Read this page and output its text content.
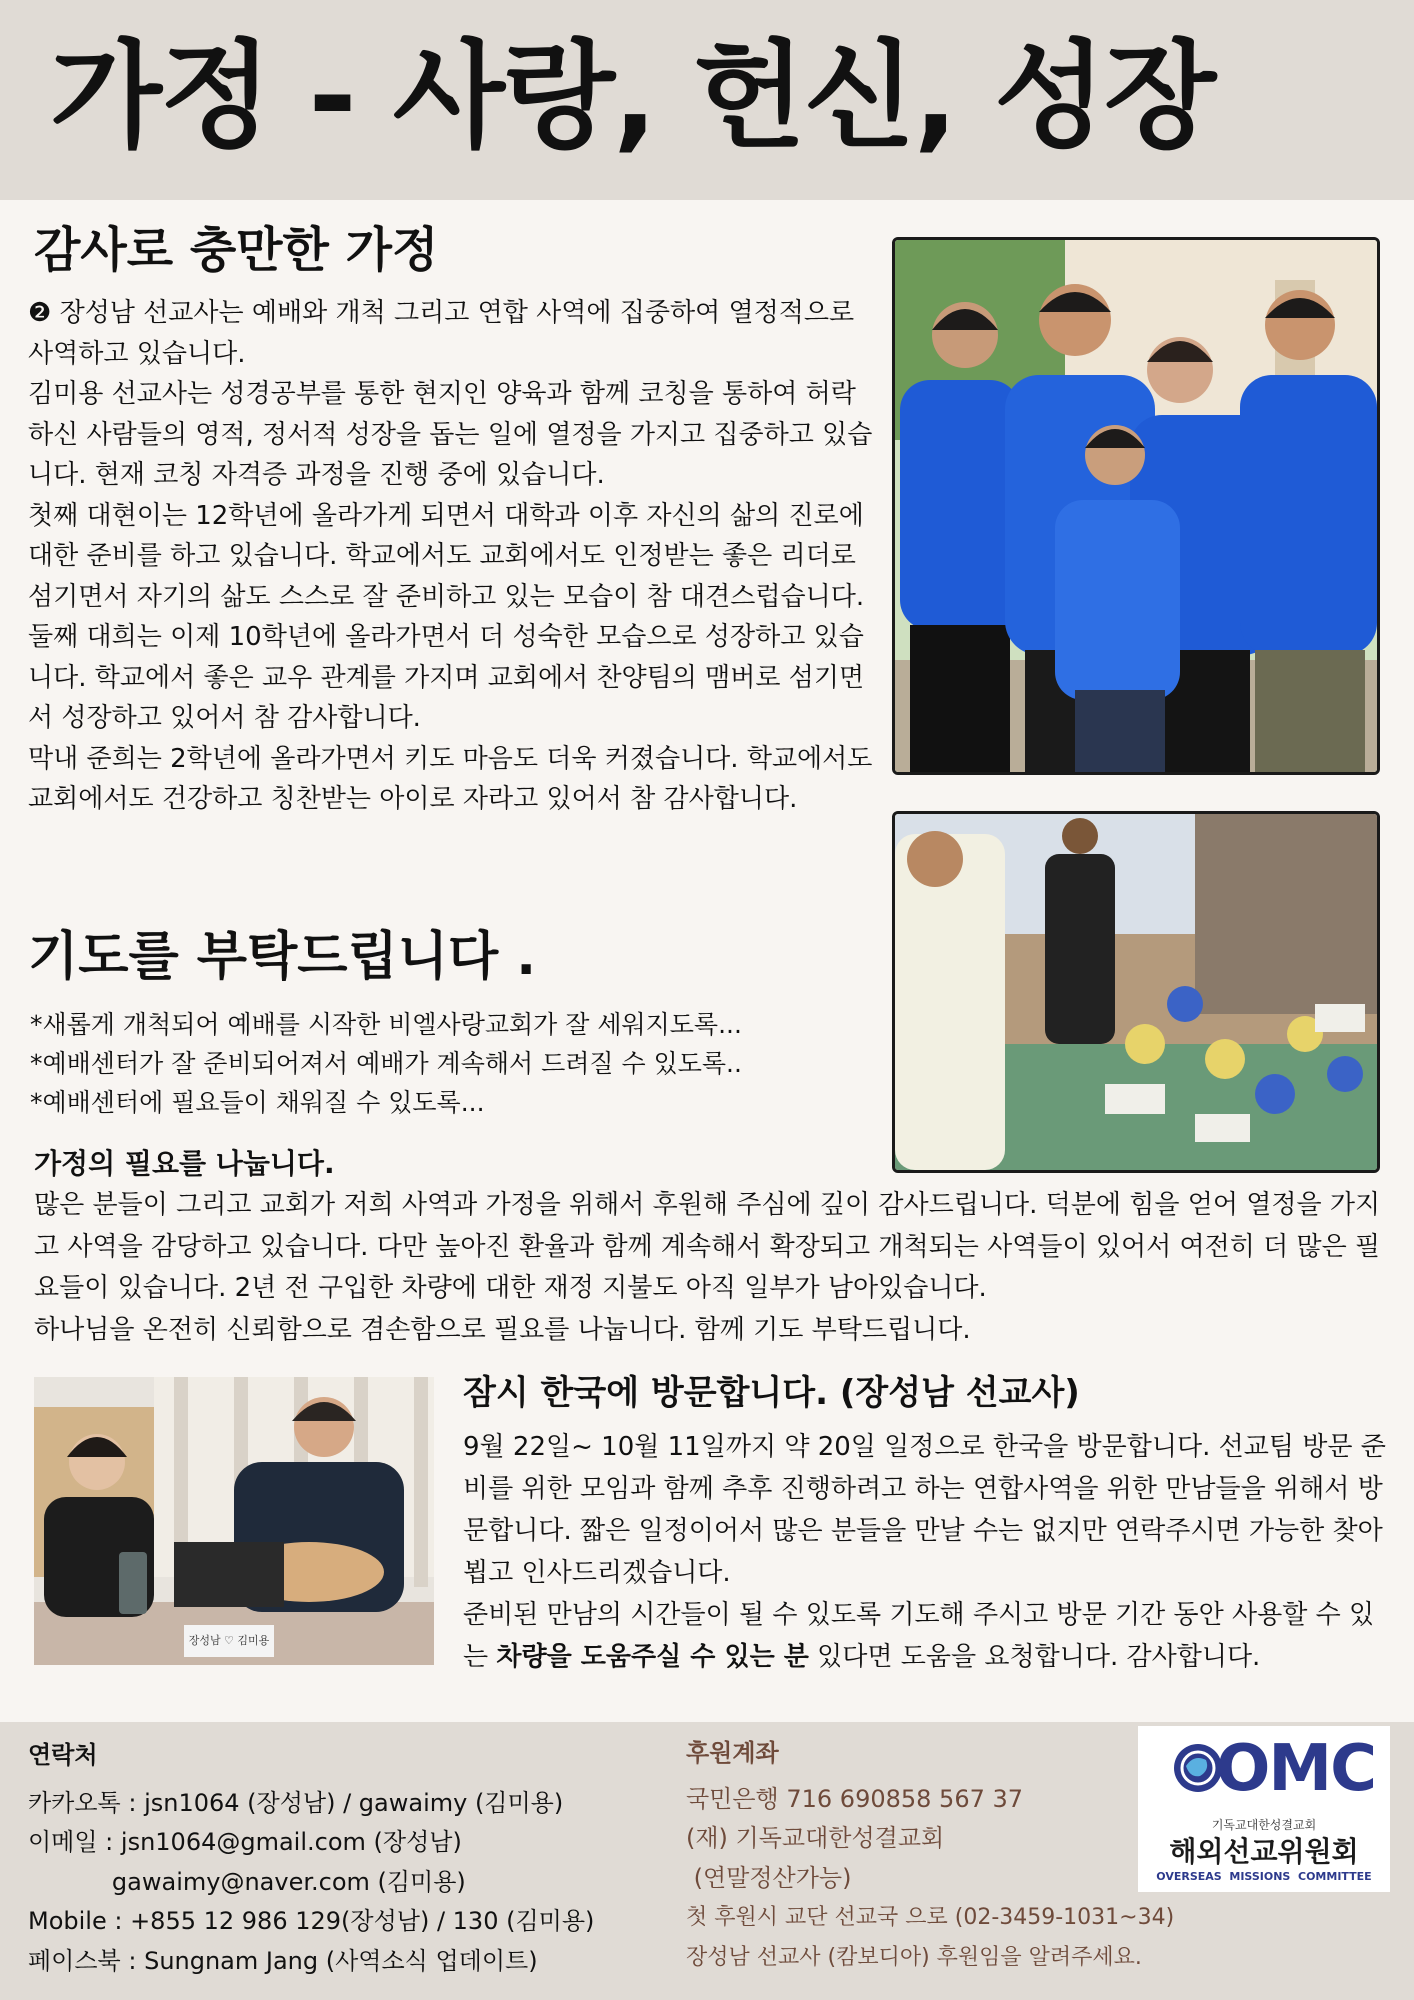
가정 - 사랑, 헌신, 성장
감사로 충만한 가정

❷ 장성남 선교사는 예배와 개척 그리고 연합 사역에 집중하여 열정적으로 사역하고 있습니다.

김미용 선교사는 성경공부를 통한 현지인 양육과 함께 코칭을 통하여 허락하신 사람들의 영적, 정서적 성장을 돕는 일에 열정을 가지고 집중하고 있습니다. 현재 코칭 자격증 과정을 진행 중에 있습니다.

첫째 대현이는 12학년에 올라가게 되면서 대학과 이후 자신의 삶의 진로에 대한 준비를 하고 있습니다. 학교에서도 교회에서도 인정받는 좋은 리더로 섬기면서 자기의 삶도 스스로 잘 준비하고 있는 모습이 참 대견스럽습니다.

둘째 대희는 이제 10학년에 올라가면서 더 성숙한 모습으로 성장하고 있습니다. 학교에서 좋은 교우 관계를 가지며 교회에서 찬양팀의 맴버로 섬기면서 성장하고 있어서 참 감사합니다.

막내 준희는 2학년에 올라가면서 키도 마음도 더욱 커졌습니다. 학교에서도 교회에서도 건강하고 칭찬받는 아이로 자라고 있어서 참 감사합니다.

기도를 부탁드립니다 .

*새롭게 개척되어 예배를 시작한 비엘사랑교회가 잘 세워지도록...

*예배센터가 잘 준비되어져서 예배가 계속해서 드려질 수 있도록..

*예배센터에 필요들이 채워질 수 있도록...

가정의 필요를 나눕니다.

많은 분들이 그리고 교회가 저희 사역과 가정을 위해서 후원해 주심에 깊이 감사드립니다. 덕분에 힘을 얻어 열정을 가지고 사역을 감당하고 있습니다. 다만 높아진 환율과 함께 계속해서 확장되고 개척되는 사역들이 있어서 여전히 더 많은 필요들이 있습니다. 2년 전 구입한 차량에 대한 재정 지불도 아직 일부가 남아있습니다.

하나님을 온전히 신뢰함으로 겸손함으로 필요를 나눕니다. 함께 기도 부탁드립니다.

장성남 ♡ 김미용
잠시 한국에 방문합니다. (장성남 선교사)

9월 22일~ 10월 11일까지 약 20일 일정으로 한국을 방문합니다. 선교팀 방문 준비를 위한 모임과 함께 추후 진행하려고 하는 연합사역을 위한 만남들을 위해서 방문합니다. 짧은 일정이어서 많은 분들을 만날 수는 없지만 연락주시면 가능한 찾아뵙고 인사드리겠습니다.

준비된 만남의 시간들이 될 수 있도록 기도해 주시고 방문 기간 동안 사용할 수 있는 차량을 도움주실 수 있는 분 있다면 도움을 요청합니다. 감사합니다.

연락처
카카오톡 : jsn1064 (장성남) / gawaimy (김미용)
이메일 : jsn1064@gmail.com (장성남)
gawaimy@naver.com (김미용)
Mobile : +855 12 986 129(장성남) / 130 (김미용)
페이스북 : Sungnam Jang (사역소식 업데이트)
후원계좌
국민은행 716 690858 567 37
(재) 기독교대한성결교회
(연말정산가능)
첫 후원시 교단 선교국 으로 (02-3459-1031~34)
장성남 선교사 (캄보디아) 후원임을 알려주세요.
OMC
기독교대한성결교회
해외선교위원회
OVERSEAS  MISSIONS  COMMITTEE
